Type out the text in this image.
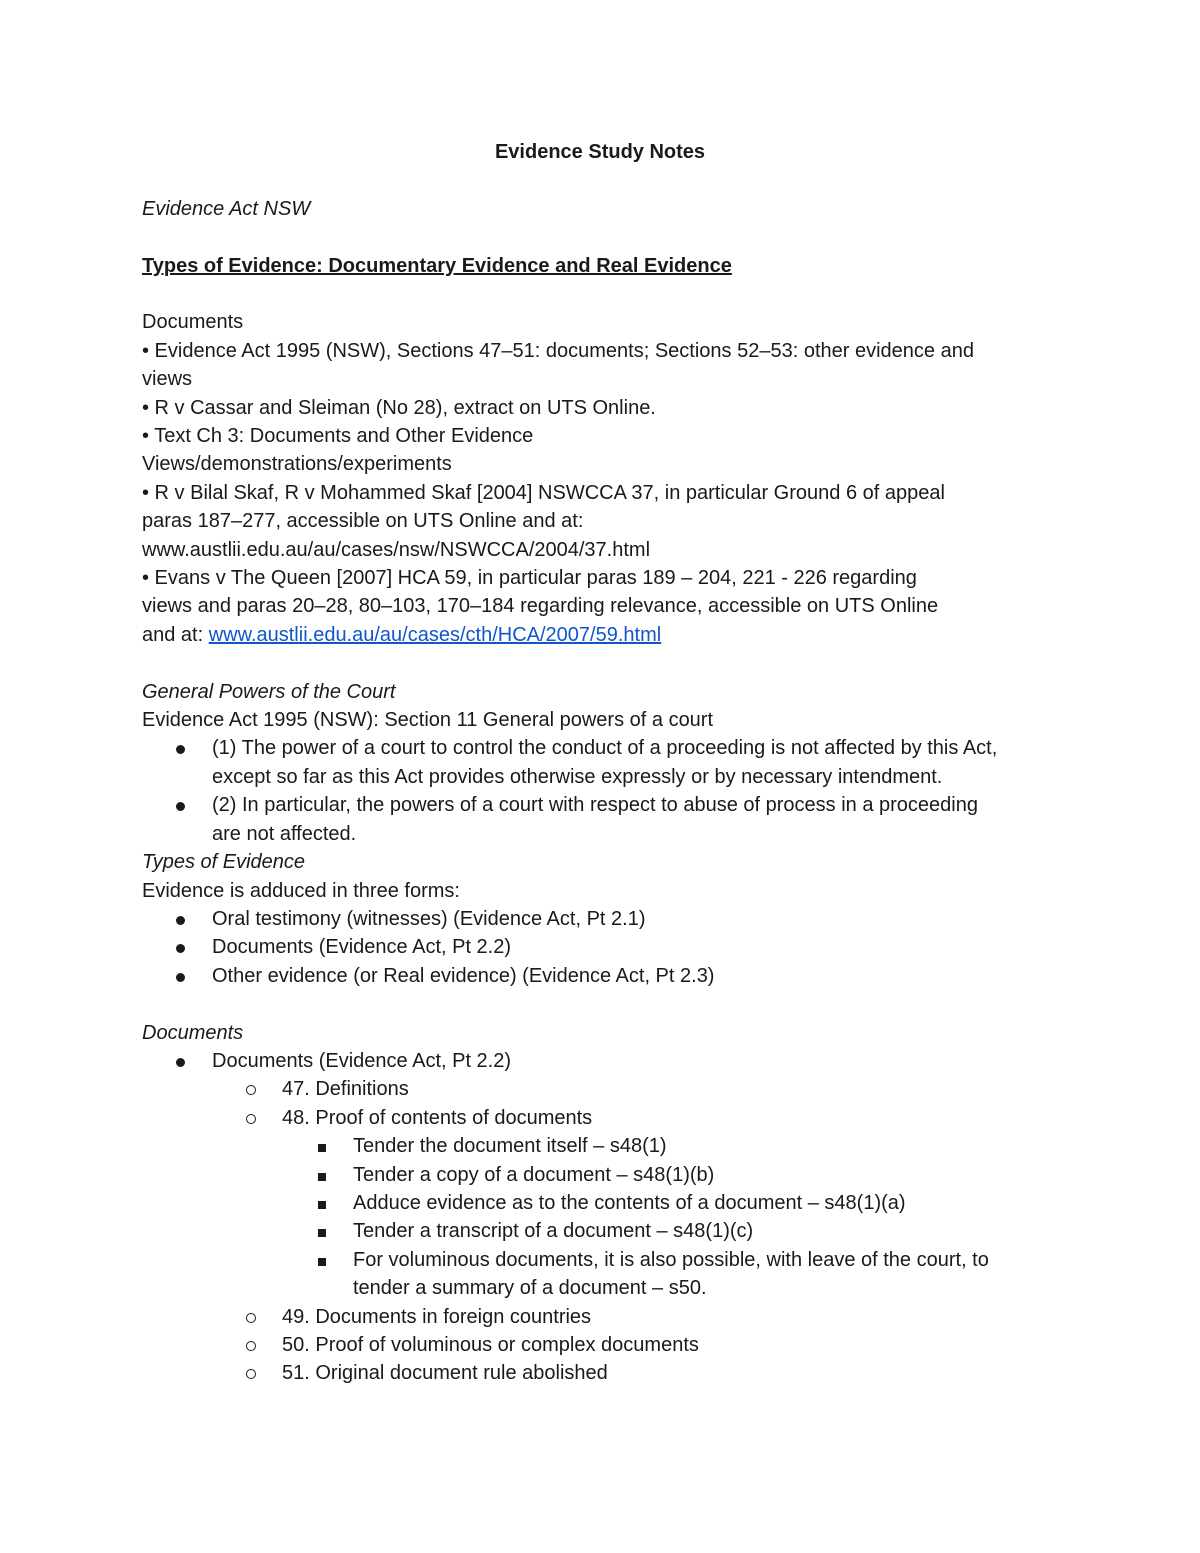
Evidence Study Notes
Evidence Act NSW
Types of Evidence: Documentary Evidence and Real Evidence
Documents
• Evidence Act 1995 (NSW), Sections 47–51: documents; Sections 52–53: other evidence and
views
• R v Cassar and Sleiman (No 28), extract on UTS Online.
• Text Ch 3: Documents and Other Evidence
Views/demonstrations/experiments
• R v Bilal Skaf, R v Mohammed Skaf [2004] NSWCCA 37, in particular Ground 6 of appeal
paras 187–277, accessible on UTS Online and at:
www.austlii.edu.au/au/cases/nsw/NSWCCA/2004/37.html
• Evans v The Queen [2007] HCA 59, in particular paras 189 – 204, 221 - 226 regarding
views and paras 20–28, 80–103, 170–184 regarding relevance, accessible on UTS Online
and at: www.austlii.edu.au/au/cases/cth/HCA/2007/59.html
General Powers of the Court
Evidence Act 1995 (NSW): Section 11 General powers of a court
(1) The power of a court to control the conduct of a proceeding is not affected by this Act,
except so far as this Act provides otherwise expressly or by necessary intendment.
(2) In particular, the powers of a court with respect to abuse of process in a proceeding
are not affected.
Types of Evidence
Evidence is adduced in three forms:
Oral testimony (witnesses) (Evidence Act, Pt 2.1)
Documents (Evidence Act, Pt 2.2)
Other evidence (or Real evidence) (Evidence Act, Pt 2.3)
Documents
Documents (Evidence Act, Pt 2.2)
47. Definitions
48. Proof of contents of documents
Tender the document itself – s48(1)
Tender a copy of a document – s48(1)(b)
Adduce evidence as to the contents of a document – s48(1)(a)
Tender a transcript of a document – s48(1)(c)
For voluminous documents, it is also possible, with leave of the court, to
tender a summary of a document – s50.
49. Documents in foreign countries
50. Proof of voluminous or complex documents
51. Original document rule abolished
